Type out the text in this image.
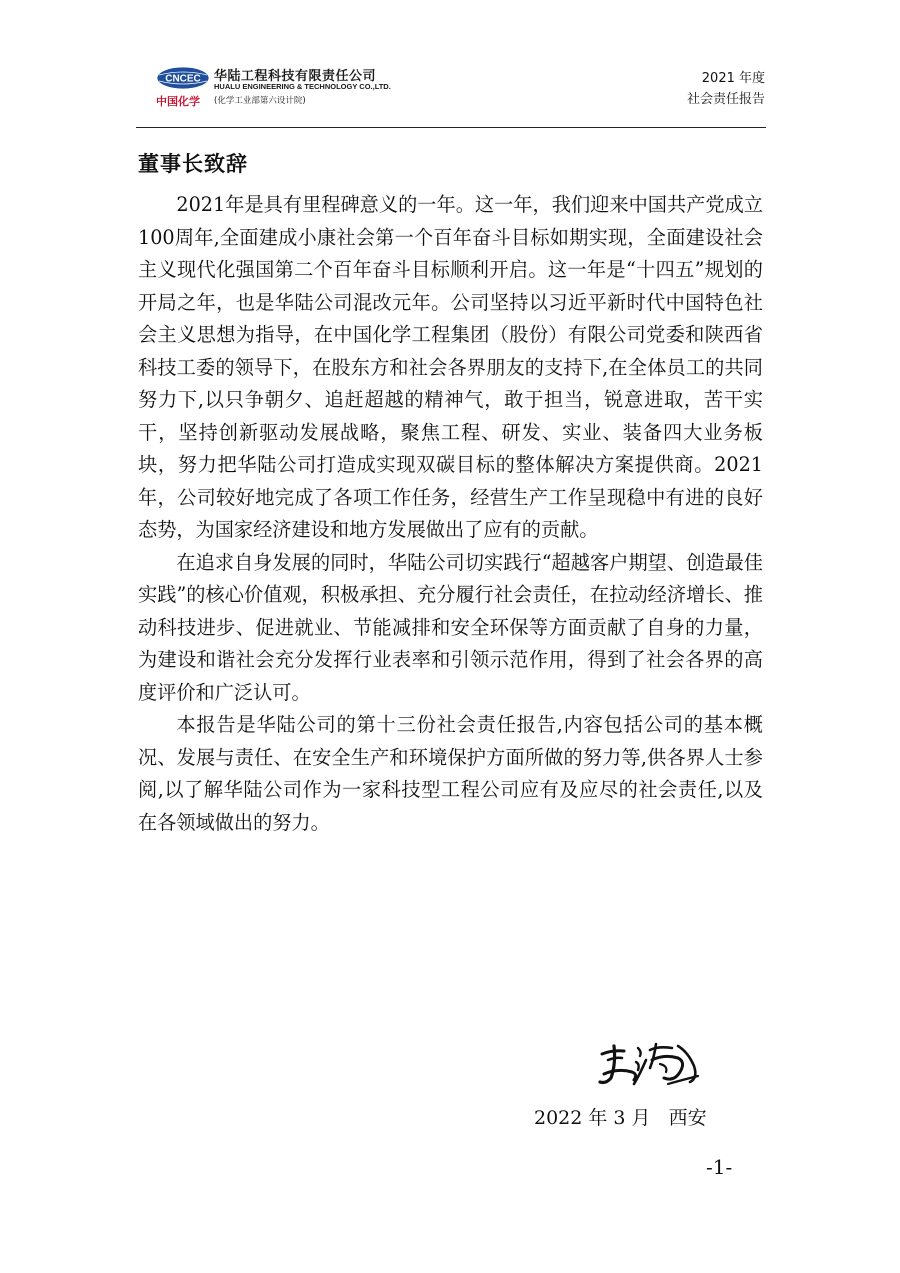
CNCEC 华陆工程科技有限责任公司
HUALU ENGINEERING & TECHNOLOGY CO.,LTD.
中国化学 (化学工业部第六设计院)
2021 年度
社会责任报告
董事长致辞

2021年是具有里程碑意义的一年。这一年，我们迎来中国共产党成立100周年,全面建成小康社会第一个百年奋斗目标如期实现，全面建设社会主义现代化强国第二个百年奋斗目标顺利开启。这一年是“十四五”规划的开局之年，也是华陆公司混改元年。公司坚持以习近平新时代中国特色社会主义思想为指导，在中国化学工程集团（股份）有限公司党委和陕西省科技工委的领导下，在股东方和社会各界朋友的支持下,在全体员工的共同努力下,以只争朝夕、追赶超越的精神气，敢于担当，锐意进取，苦干实干，坚持创新驱动发展战略，聚焦工程、研发、实业、装备四大业务板块，努力把华陆公司打造成实现双碳目标的整体解决方案提供商。2021年，公司较好地完成了各项工作任务，经营生产工作呈现稳中有进的良好态势，为国家经济建设和地方发展做出了应有的贡献。

在追求自身发展的同时，华陆公司切实践行“超越客户期望、创造最佳实践”的核心价值观，积极承担、充分履行社会责任，在拉动经济增长、推动科技进步、促进就业、节能减排和安全环保等方面贡献了自身的力量，为建设和谐社会充分发挥行业表率和引领示范作用，得到了社会各界的高度评价和广泛认可。

本报告是华陆公司的第十三份社会责任报告,内容包括公司的基本概况、发展与责任、在安全生产和环境保护方面所做的努力等,供各界人士参阅,以了解华陆公司作为一家科技型工程公司应有及应尽的社会责任,以及在各领域做出的努力。

2022 年 3 月   西安
-1-
